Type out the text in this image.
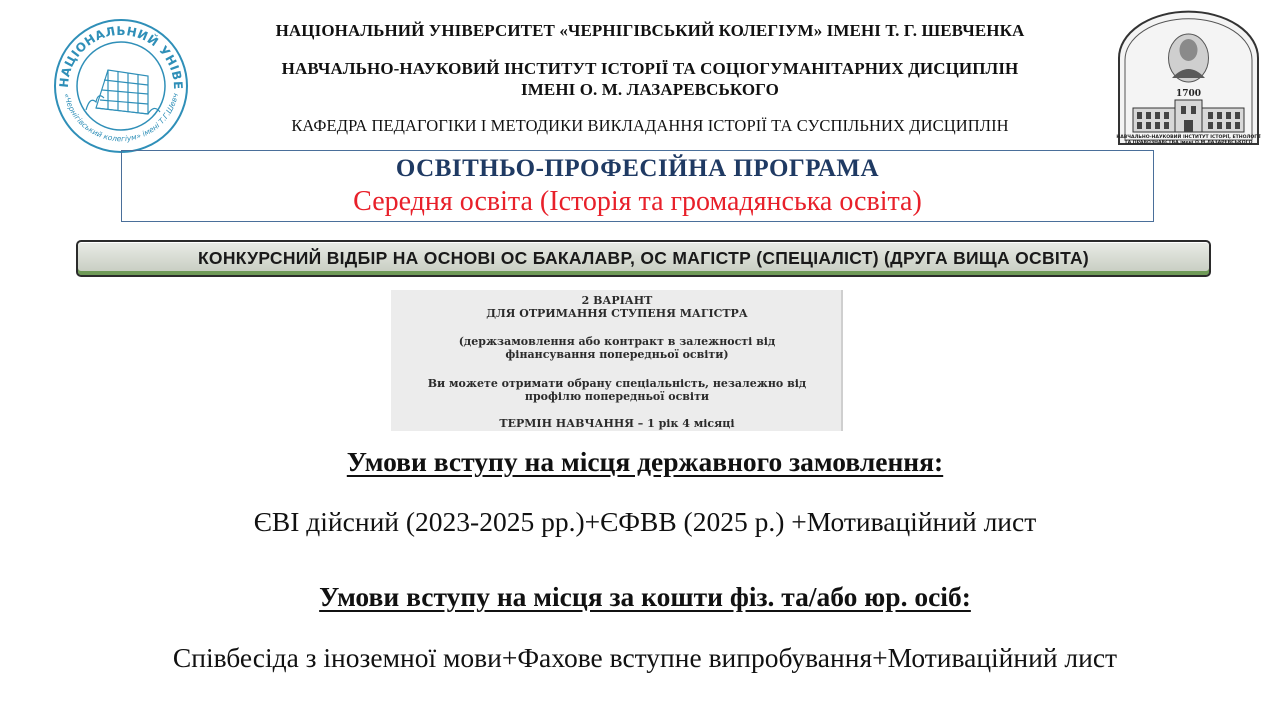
НАЦІОНАЛЬНИЙ УНІВЕ
«Чернігівський колегіум» імені Т.Г.Шевч	1700
НАВЧАЛЬНО-НАУКОВИЙ ІНСТИТУТ ІСТОРІЇ, ЕТНОЛОГІЇ
ТА ПРАВОЗНАВСТВА імені О.М.ЛАЗАРЕВСЬКОГО
НАЦІОНАЛЬНИЙ УНІВЕРСИТЕТ «ЧЕРНІГІВСЬКИЙ КОЛЕГІУМ» ІМЕНІ Т. Г. ШЕВЧЕНКА
НАВЧАЛЬНО-НАУКОВИЙ ІНСТИТУТ ІСТОРІЇ ТА СОЦІОГУМАНІТАРНИХ ДИСЦИПЛІН
ІМЕНІ О. М. ЛАЗАРЕВСЬКОГО
КАФЕДРА ПЕДАГОГІКИ І МЕТОДИКИ ВИКЛАДАННЯ ІСТОРІЇ ТА СУСПІЛЬНИХ ДИСЦИПЛІН
ОСВІТНЬО-ПРОФЕСІЙНА ПРОГРАМА
Середня освіта (Історія та громадянська освіта)
КОНКУРСНИЙ ВІДБІР НА ОСНОВІ ОС БАКАЛАВР, ОС МАГІСТР (СПЕЦІАЛІСТ) (ДРУГА ВИЩА ОСВІТА)
2 ВАРІАНТ
ДЛЯ ОТРИМАННЯ СТУПЕНЯ МАГІСТРА
(держзамовлення або контракт в залежності від
фінансування попередньої освіти)
Ви можете отримати обрану спеціальність, незалежно від
профілю попередньої освіти
ТЕРМІН НАВЧАННЯ – 1 рік 4 місяці
Умови вступу на місця державного замовлення:
ЄВІ дійсний (2023-2025 рр.)+ЄФВВ (2025 р.) +Мотиваційний лист
Умови вступу на місця за кошти фіз. та/або юр. осіб:
Співбесіда з іноземної мови+Фахове вступне випробування+Мотиваційний лист
